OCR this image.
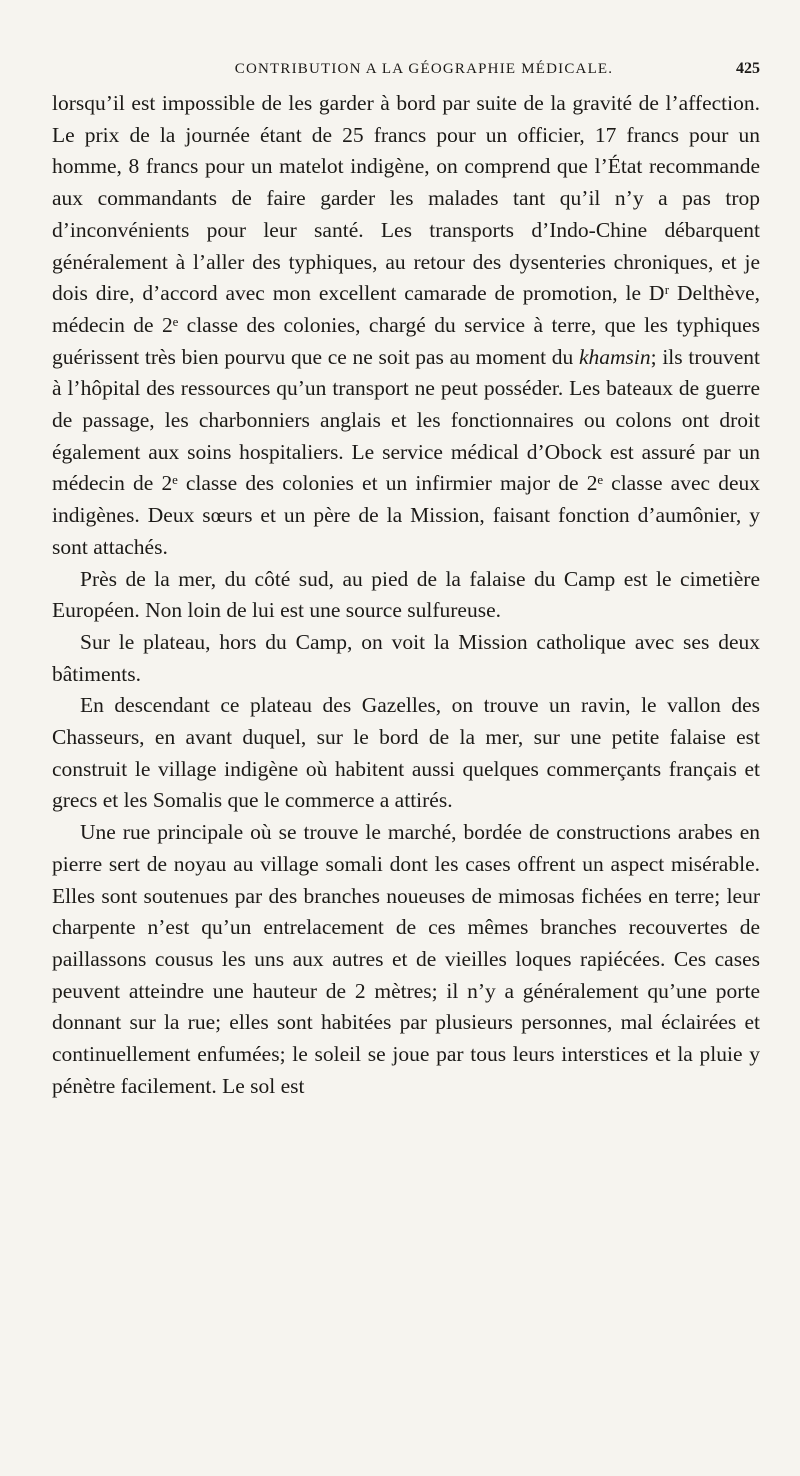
CONTRIBUTION A LA GÉOGRAPHIE MÉDICALE.	425

lorsqu’il est impossible de les garder à bord par suite de la gravité de l’affection. Le prix de la journée étant de 25 francs pour un officier, 17 francs pour un homme, 8 francs pour un matelot indigène, on comprend que l’État recommande aux commandants de faire garder les malades tant qu’il n’y a pas trop d’inconvénients pour leur santé. Les transports d’Indo-Chine débarquent généralement à l’aller des typhiques, au retour des dysenteries chroniques, et je dois dire, d’accord avec mon excellent camarade de promotion, le Dʳ Delthève, médecin de 2ᵉ classe des colonies, chargé du service à terre, que les typhiques guérissent très bien pourvu que ce ne soit pas au moment du khamsin; ils trouvent à l’hôpital des ressources qu’un transport ne peut posséder. Les bateaux de guerre de passage, les charbonniers anglais et les fonctionnaires ou colons ont droit également aux soins hospitaliers. Le service médical d’Obock est assuré par un médecin de 2ᵉ classe des colonies et un infirmier major de 2ᵉ classe avec deux indigènes. Deux sœurs et un père de la Mission, faisant fonction d’aumônier, y sont attachés.

Près de la mer, du côté sud, au pied de la falaise du Camp est le cimetière Européen. Non loin de lui est une source sulfureuse.

Sur le plateau, hors du Camp, on voit la Mission catholique avec ses deux bâtiments.

En descendant ce plateau des Gazelles, on trouve un ravin, le vallon des Chasseurs, en avant duquel, sur le bord de la mer, sur une petite falaise est construit le village indigène où habitent aussi quelques commerçants français et grecs et les Somalis que le commerce a attirés.

Une rue principale où se trouve le marché, bordée de constructions arabes en pierre sert de noyau au village somali dont les cases offrent un aspect misérable. Elles sont soutenues par des branches noueuses de mimosas fichées en terre; leur charpente n’est qu’un entrelacement de ces mêmes branches recouvertes de paillassons cousus les uns aux autres et de vieilles loques rapiécées. Ces cases peuvent atteindre une hauteur de 2 mètres; il n’y a généralement qu’une porte donnant sur la rue; elles sont habitées par plusieurs personnes, mal éclairées et continuellement enfumées; le soleil se joue par tous leurs interstices et la pluie y pénètre facilement. Le sol est
